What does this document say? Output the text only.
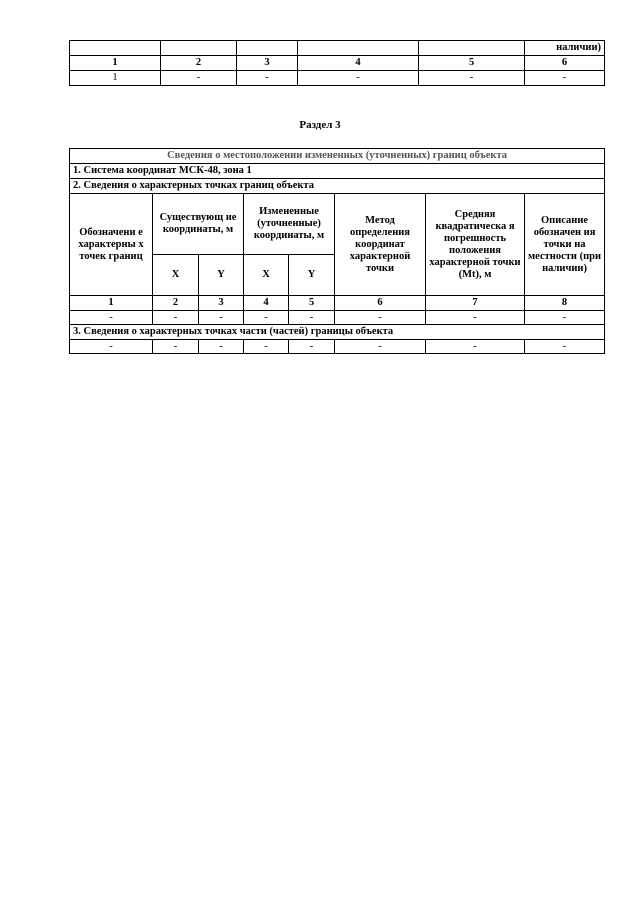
					наличии)
1	2	3	4	5	6
1	-	-	-	-	-
Раздел 3
Сведения о местоположении измененных (уточненных) границ объекта							
1. Система координат МСК-48, зона 1							
2. Сведения о характерных точках границ объекта							
Обозначени е характерны х точек границ	Существующ ие координаты, м		Измененные (уточненные) координаты, м		Метод определения координат характерной точки	Средняя квадратическа я погрешность положения характерной точки (Mt), м	Описание обозначен ия точки на местности (при наличии)
	X	Y	X	Y			
1	2	3	4	5	6	7	8
-	-	-	-	-	-	-	-
3. Сведения о характерных точках части (частей) границы объекта							
-	-	-	-	-	-	-	-
